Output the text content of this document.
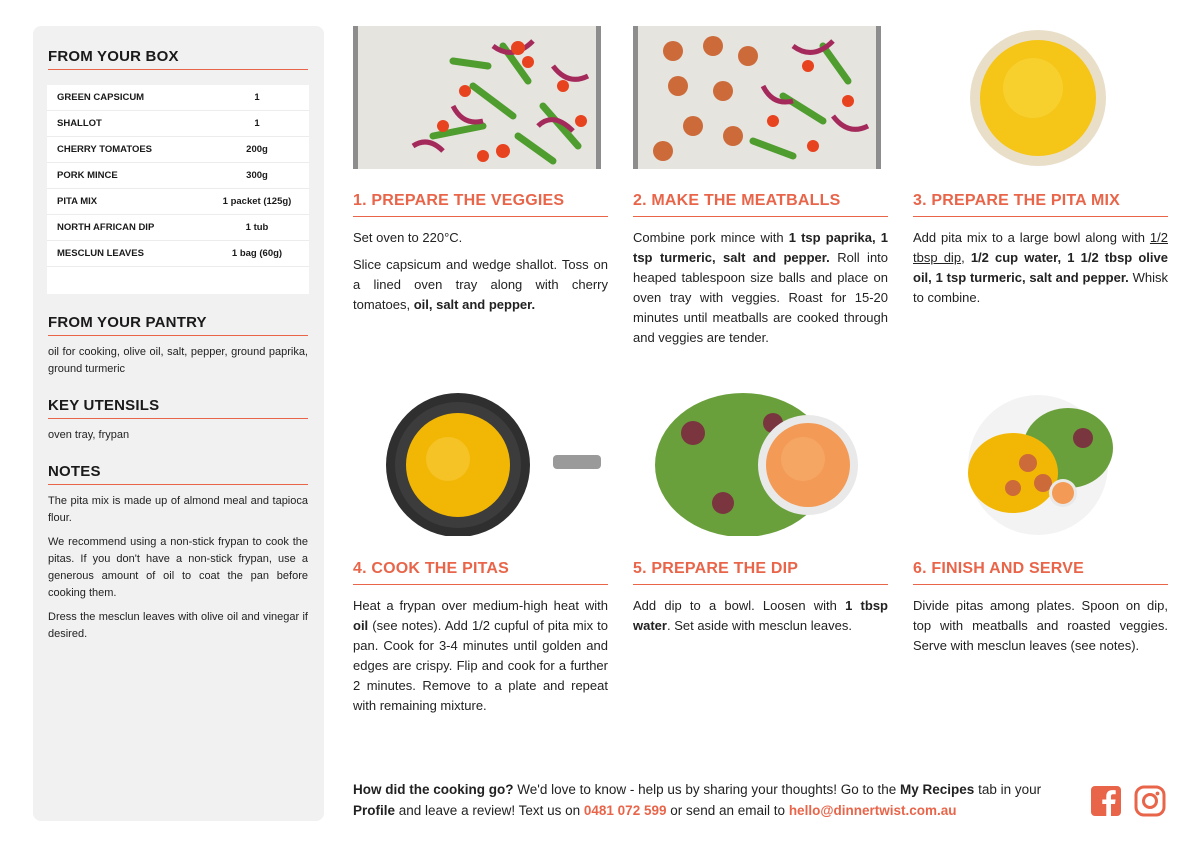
FROM YOUR BOX
GREEN CAPSICUM	1
SHALLOT	1
CHERRY TOMATOES	200g
PORK MINCE	300g
PITA MIX	1 packet (125g)
NORTH AFRICAN DIP	1 tub
MESCLUN LEAVES	1 bag (60g)
FROM YOUR PANTRY
oil for cooking, olive oil, salt, pepper, ground paprika, ground turmeric
KEY UTENSILS
oven tray, frypan
NOTES

The pita mix is made up of almond meal and tapioca flour.

We recommend using a non-stick frypan to cook the pitas. If you don't have a non-stick frypan, use a generous amount of oil to coat the pan before cooking them.

Dress the mesclun leaves with olive oil and vinegar if desired.

1. PREPARE THE VEGGIES

Set oven to 220°C.

Slice capsicum and wedge shallot. Toss on a lined oven tray along with cherry tomatoes, oil, salt and pepper.

2. MAKE THE MEATBALLS

Combine pork mince with 1 tsp paprika, 1 tsp turmeric, salt and pepper. Roll into heaped tablespoon size balls and place on oven tray with veggies. Roast for 15-20 minutes until meatballs are cooked through and veggies are tender.

3. PREPARE THE PITA MIX

Add pita mix to a large bowl along with 1/2 tbsp dip, 1/2 cup water, 1 1/2 tbsp olive oil, 1 tsp turmeric, salt and pepper. Whisk to combine.

4. COOK THE PITAS

Heat a frypan over medium-high heat with oil (see notes). Add 1/2 cupful of pita mix to pan. Cook for 3-4 minutes until golden and edges are crispy. Flip and cook for a further 2 minutes. Remove to a plate and repeat with remaining mixture.

5. PREPARE THE DIP

Add dip to a bowl. Loosen with 1 tbsp water. Set aside with mesclun leaves.

6. FINISH AND SERVE

Divide pitas among plates. Spoon on dip, top with meatballs and roasted veggies. Serve with mesclun leaves (see notes).

How did the cooking go? We'd love to know - help us by sharing your thoughts! Go to the My Recipes tab in your Profile and leave a review! Text us on 0481 072 599 or send an email to hello@dinnertwist.com.au
